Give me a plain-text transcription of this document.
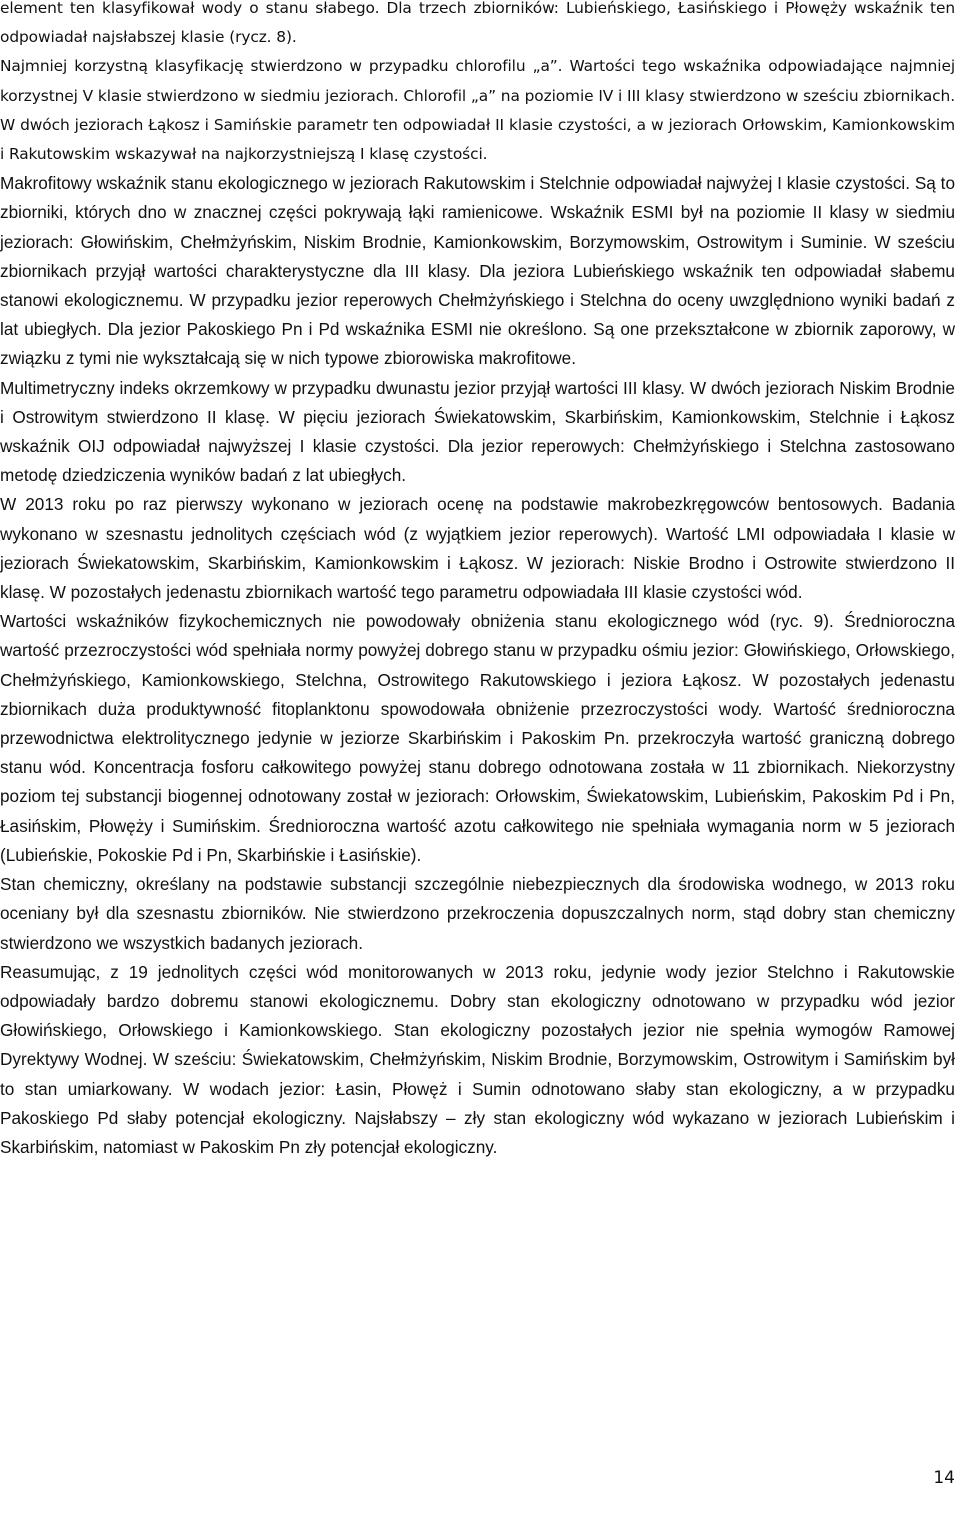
element ten klasyfikował wody o stanu słabego. Dla trzech zbiorników: Lubieńskiego, Łasińskiego i Płowęży wskaźnik ten odpowiadał najsłabszej klasie (rycz. 8).

Najmniej korzystną klasyfikację stwierdzono w przypadku chlorofilu „a”. Wartości tego wskaźnika odpowiadające najmniej korzystnej V klasie stwierdzono w siedmiu jeziorach. Chlorofil „a” na poziomie IV i III klasy stwierdzono w sześciu zbiornikach. W dwóch jeziorach Łąkosz i Samińskie parametr ten odpowiadał II klasie czystości, a w jeziorach Orłowskim, Kamionkowskim i Rakutowskim wskazywał na najkorzystniejszą I klasę czystości.

Makrofitowy wskaźnik stanu ekologicznego w jeziorach Rakutowskim i Stelchnie odpowiadał najwyżej I klasie czystości. Są to zbiorniki, których dno w znacznej części pokrywają łąki ramienicowe. Wskaźnik ESMI był na poziomie II klasy w siedmiu jeziorach: Głowińskim, Chełmżyńskim, Niskim Brodnie, Kamionkowskim, Borzymowskim, Ostrowitym i Suminie. W sześciu zbiornikach przyjął wartości charakterystyczne dla III klasy. Dla jeziora Lubieńskiego wskaźnik ten odpowiadał słabemu stanowi ekologicznemu. W przypadku jezior reperowych Chełmżyńskiego i Stelchna do oceny uwzględniono wyniki badań z lat ubiegłych. Dla jezior Pakoskiego Pn i Pd wskaźnika ESMI nie określono. Są one przekształcone w zbiornik zaporowy, w związku z tymi nie wykształcają się w nich typowe zbiorowiska makrofitowe.

Multimetryczny indeks okrzemkowy w przypadku dwunastu jezior przyjął wartości III klasy. W dwóch jeziorach Niskim Brodnie i Ostrowitym stwierdzono II klasę. W pięciu jeziorach Świekatowskim, Skarbińskim, Kamionkowskim, Stelchnie i Łąkosz wskaźnik OIJ odpowiadał najwyższej I klasie czystości. Dla jezior reperowych: Chełmżyńskiego i Stelchna zastosowano metodę dziedziczenia wyników badań z lat ubiegłych.

W 2013 roku po raz pierwszy wykonano w jeziorach ocenę na podstawie makrobezkręgowców bentosowych. Badania wykonano w szesnastu jednolitych częściach wód (z wyjątkiem jezior reperowych). Wartość LMI odpowiadała I klasie w jeziorach Świekatowskim, Skarbińskim, Kamionkowskim i Łąkosz. W jeziorach: Niskie Brodno i Ostrowite stwierdzono II klasę. W pozostałych jedenastu zbiornikach wartość tego parametru odpowiadała III klasie czystości wód.

Wartości wskaźników fizykochemicznych nie powodowały obniżenia stanu ekologicznego wód (ryc. 9). Średnioroczna wartość przezroczystości wód spełniała normy powyżej dobrego stanu w przypadku ośmiu jezior: Głowińskiego, Orłowskiego, Chełmżyńskiego, Kamionkowskiego, Stelchna, Ostrowitego Rakutowskiego i jeziora Łąkosz. W pozostałych jedenastu zbiornikach duża produktywność fitoplanktonu spowodowała obniżenie przezroczystości wody. Wartość średnioroczna przewodnictwa elektrolitycznego jedynie w jeziorze Skarbińskim i Pakoskim Pn. przekroczyła wartość graniczną dobrego stanu wód. Koncentracja fosforu całkowitego powyżej stanu dobrego odnotowana została w 11 zbiornikach. Niekorzystny poziom tej substancji biogennej odnotowany został w jeziorach: Orłowskim, Świekatowskim, Lubieńskim, Pakoskim Pd i Pn, Łasińskim, Płowęży i Sumińskim. Średnioroczna wartość azotu całkowitego nie spełniała wymagania norm w 5 jeziorach (Lubieńskie, Pokoskie Pd i Pn, Skarbińskie i Łasińskie).

Stan chemiczny, określany na podstawie substancji szczególnie niebezpiecznych dla środowiska wodnego, w 2013 roku oceniany był dla szesnastu zbiorników. Nie stwierdzono przekroczenia dopuszczalnych norm, stąd dobry stan chemiczny stwierdzono we wszystkich badanych jeziorach.

Reasumując, z 19 jednolitych części wód monitorowanych w 2013 roku, jedynie wody jezior Stelchno i Rakutowskie odpowiadały bardzo dobremu stanowi ekologicznemu. Dobry stan ekologiczny odnotowano w przypadku wód jezior Głowińskiego, Orłowskiego i Kamionkowskiego. Stan ekologiczny pozostałych jezior nie spełnia wymogów Ramowej Dyrektywy Wodnej. W sześciu: Świekatowskim, Chełmżyńskim, Niskim Brodnie, Borzymowskim, Ostrowitym i Samińskim był to stan umiarkowany. W wodach jezior: Łasin, Płowęż i Sumin odnotowano słaby stan ekologiczny, a w przypadku Pakoskiego Pd słaby potencjał ekologiczny. Najsłabszy – zły stan ekologiczny wód wykazano w jeziorach Lubieńskim i Skarbińskim, natomiast w Pakoskim Pn zły potencjał ekologiczny.

14
